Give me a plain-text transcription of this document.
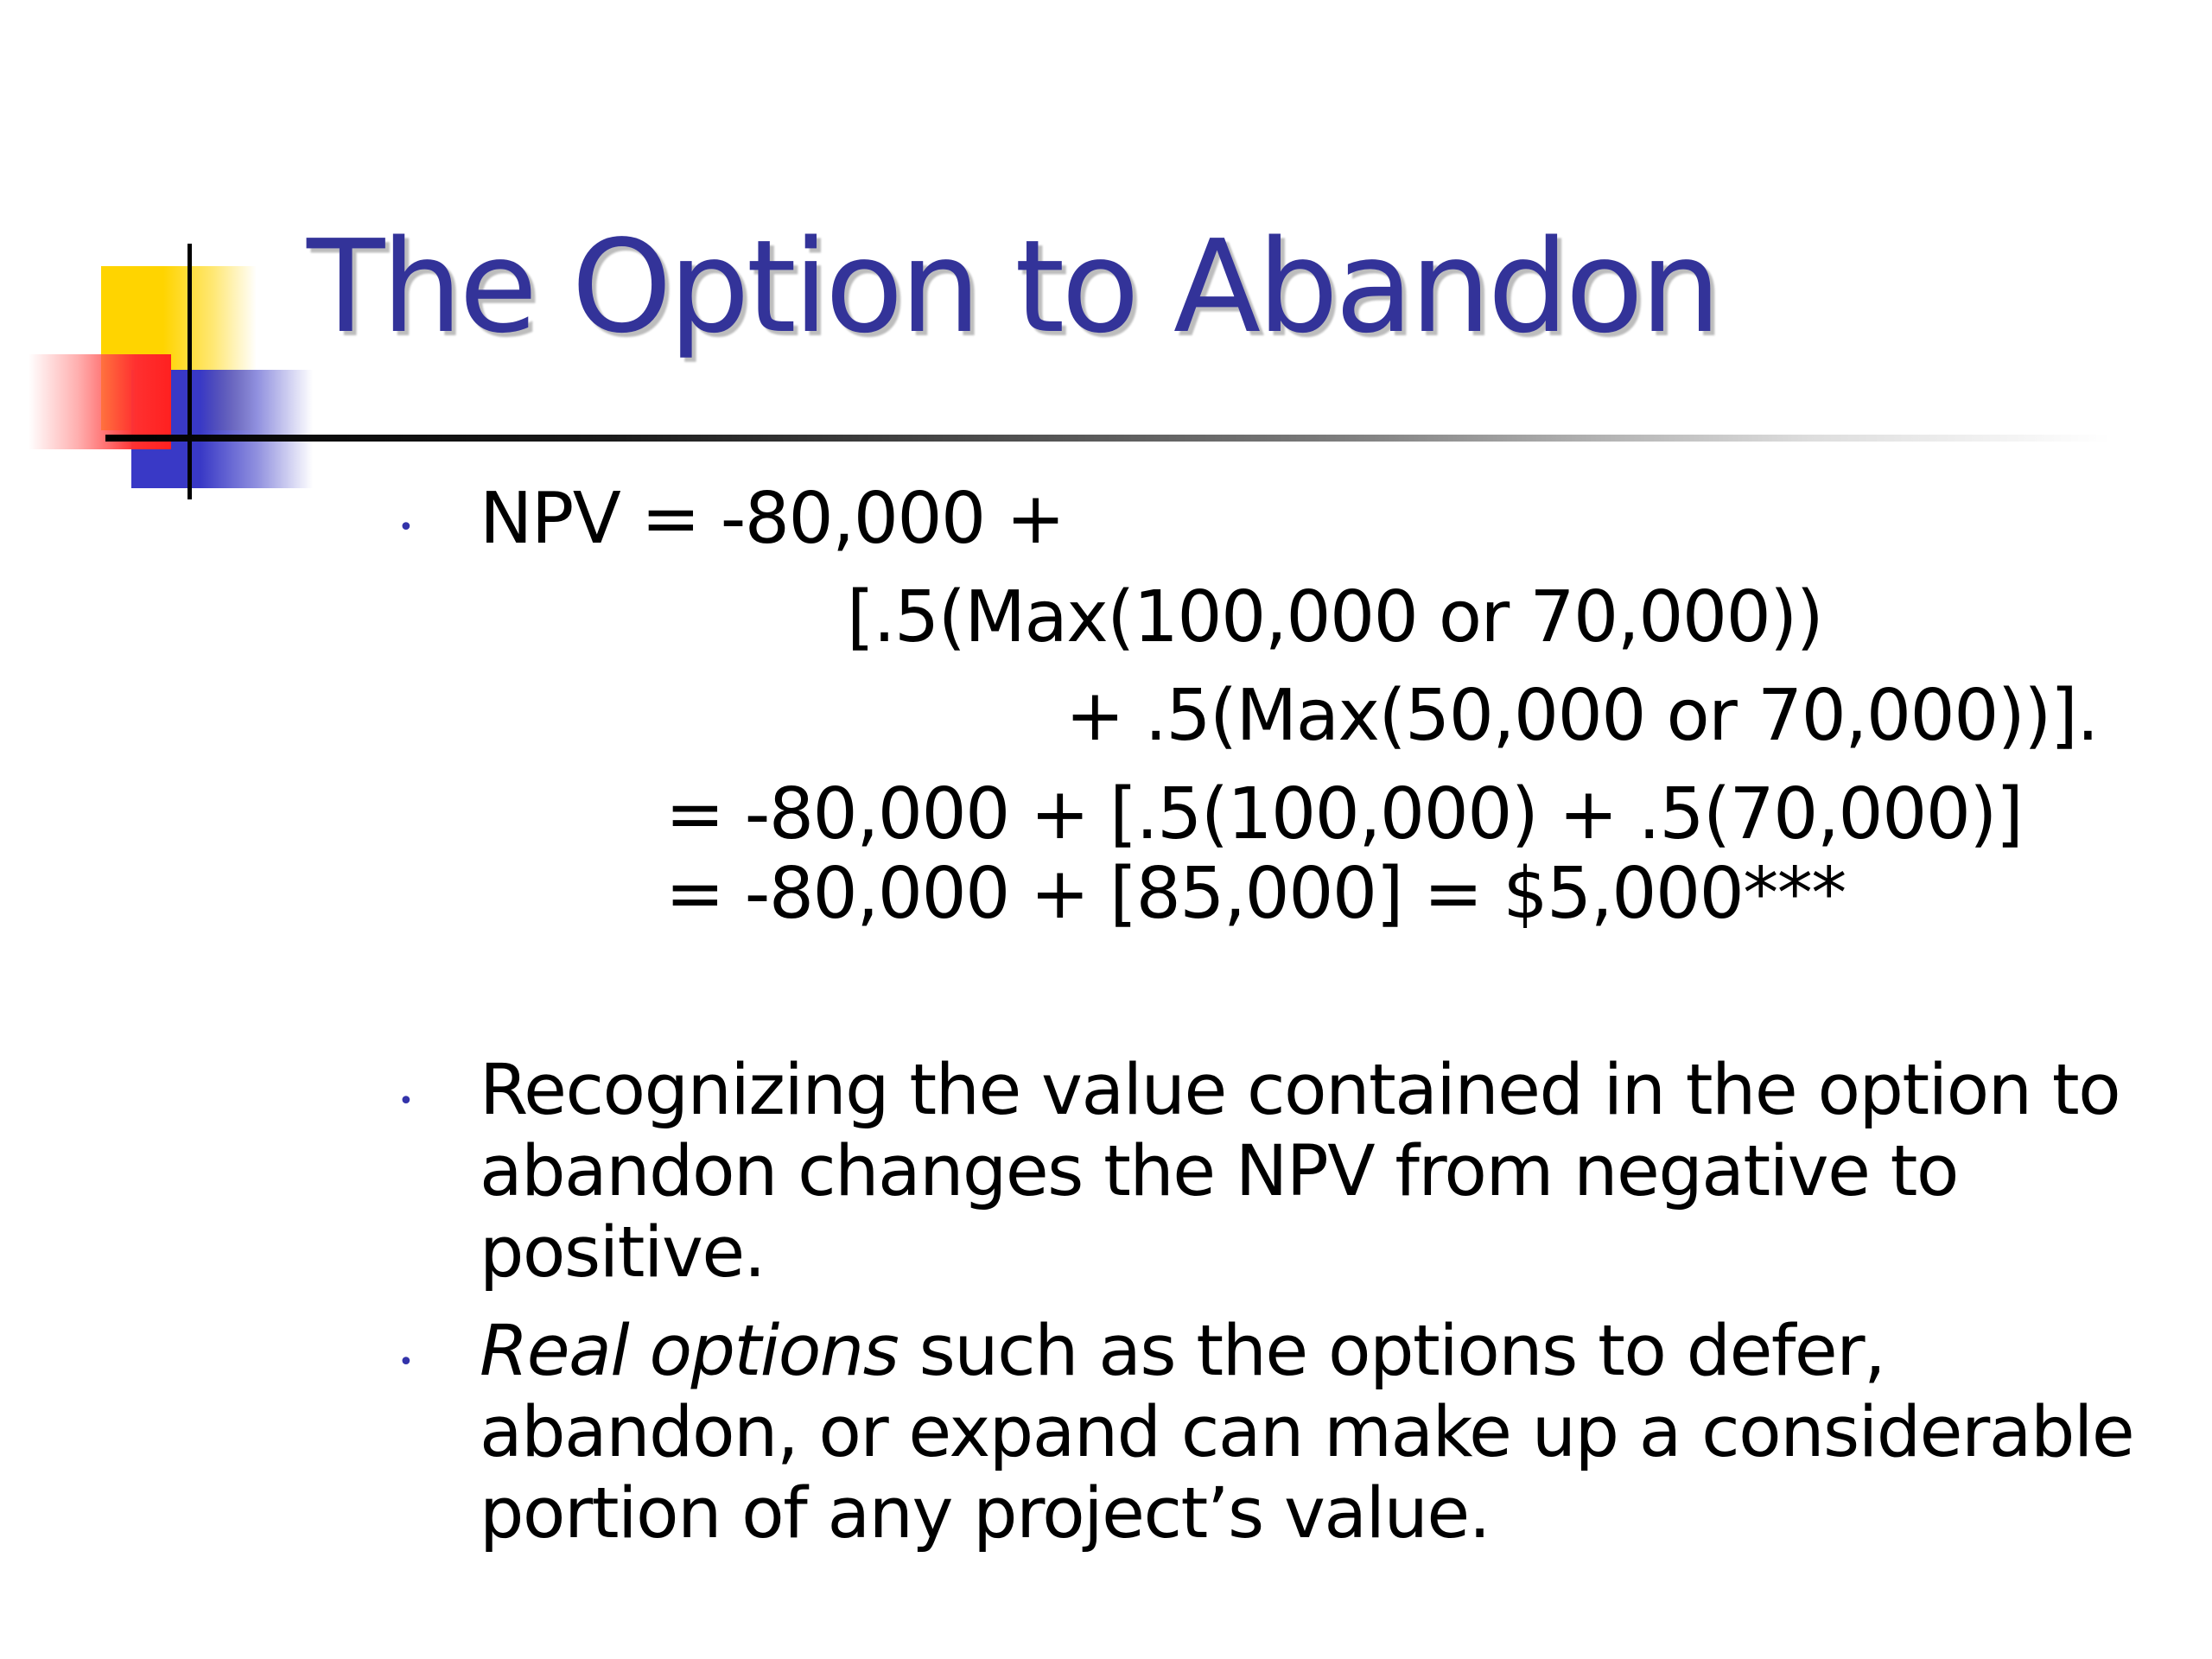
The Option to Abandon
• NPV = -80,000 +
[.5(Max(100,000 or 70,000))
+ .5(Max(50,000 or 70,000))].
= -80,000 + [.5(100,000) + .5(70,000)]
= -80,000 + [85,000] = $5,000***
• Recognizing the value contained in the option to
abandon changes the NPV from negative to
positive.

• Real options such as the options to defer,
abandon, or expand can make up a considerable
portion of any project’s value.
